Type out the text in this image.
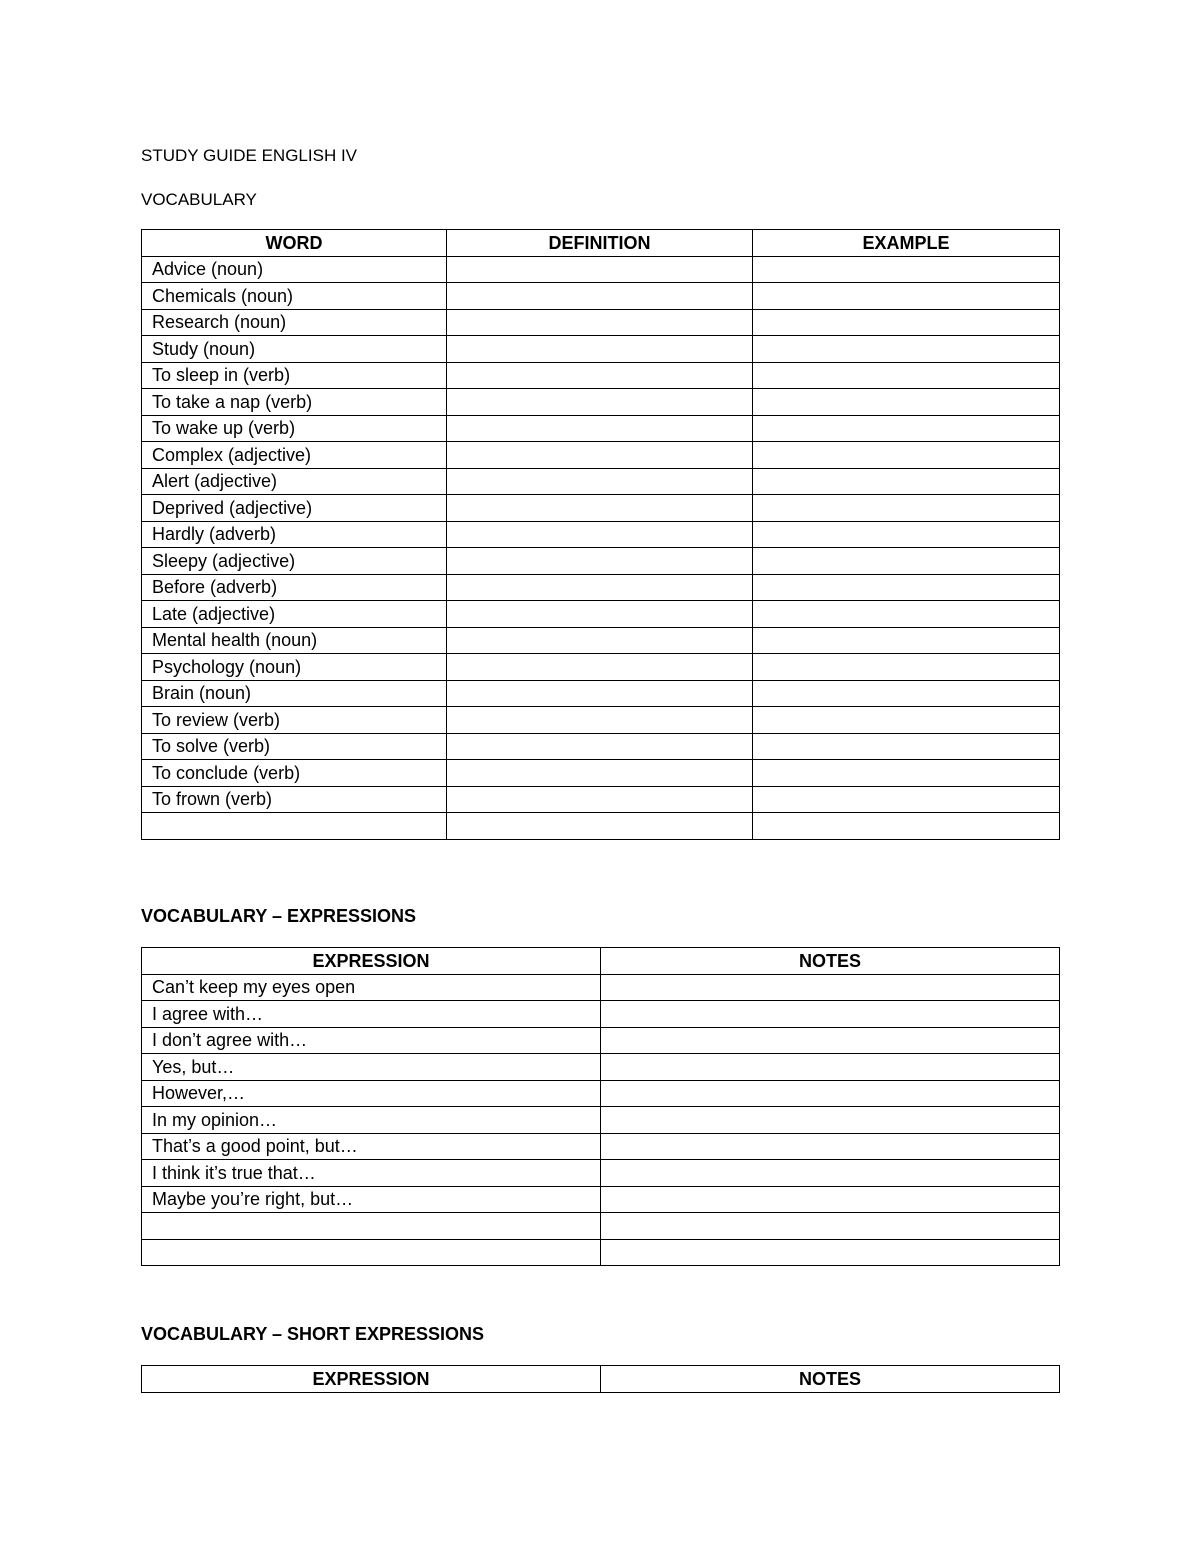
STUDY GUIDE ENGLISH IV
VOCABULARY
WORD	DEFINITION	EXAMPLE
Advice (noun)		
Chemicals (noun)		
Research (noun)		
Study (noun)		
To sleep in (verb)		
To take a nap (verb)		
To wake up (verb)		
Complex (adjective)		
Alert (adjective)		
Deprived (adjective)		
Hardly (adverb)		
Sleepy (adjective)		
Before (adverb)		
Late (adjective)		
Mental health (noun)		
Psychology (noun)		
Brain (noun)		
To review (verb)		
To solve (verb)		
To conclude (verb)		
To frown (verb)		

VOCABULARY – EXPRESSIONS
EXPRESSION	NOTES
Can’t keep my eyes open	
I agree with…	
I don’t agree with…	
Yes, but…	
However,…	
In my opinion…	
That’s a good point, but…	
I think it’s true that…	
Maybe you’re right, but…	

VOCABULARY – SHORT EXPRESSIONS
EXPRESSION	NOTES
